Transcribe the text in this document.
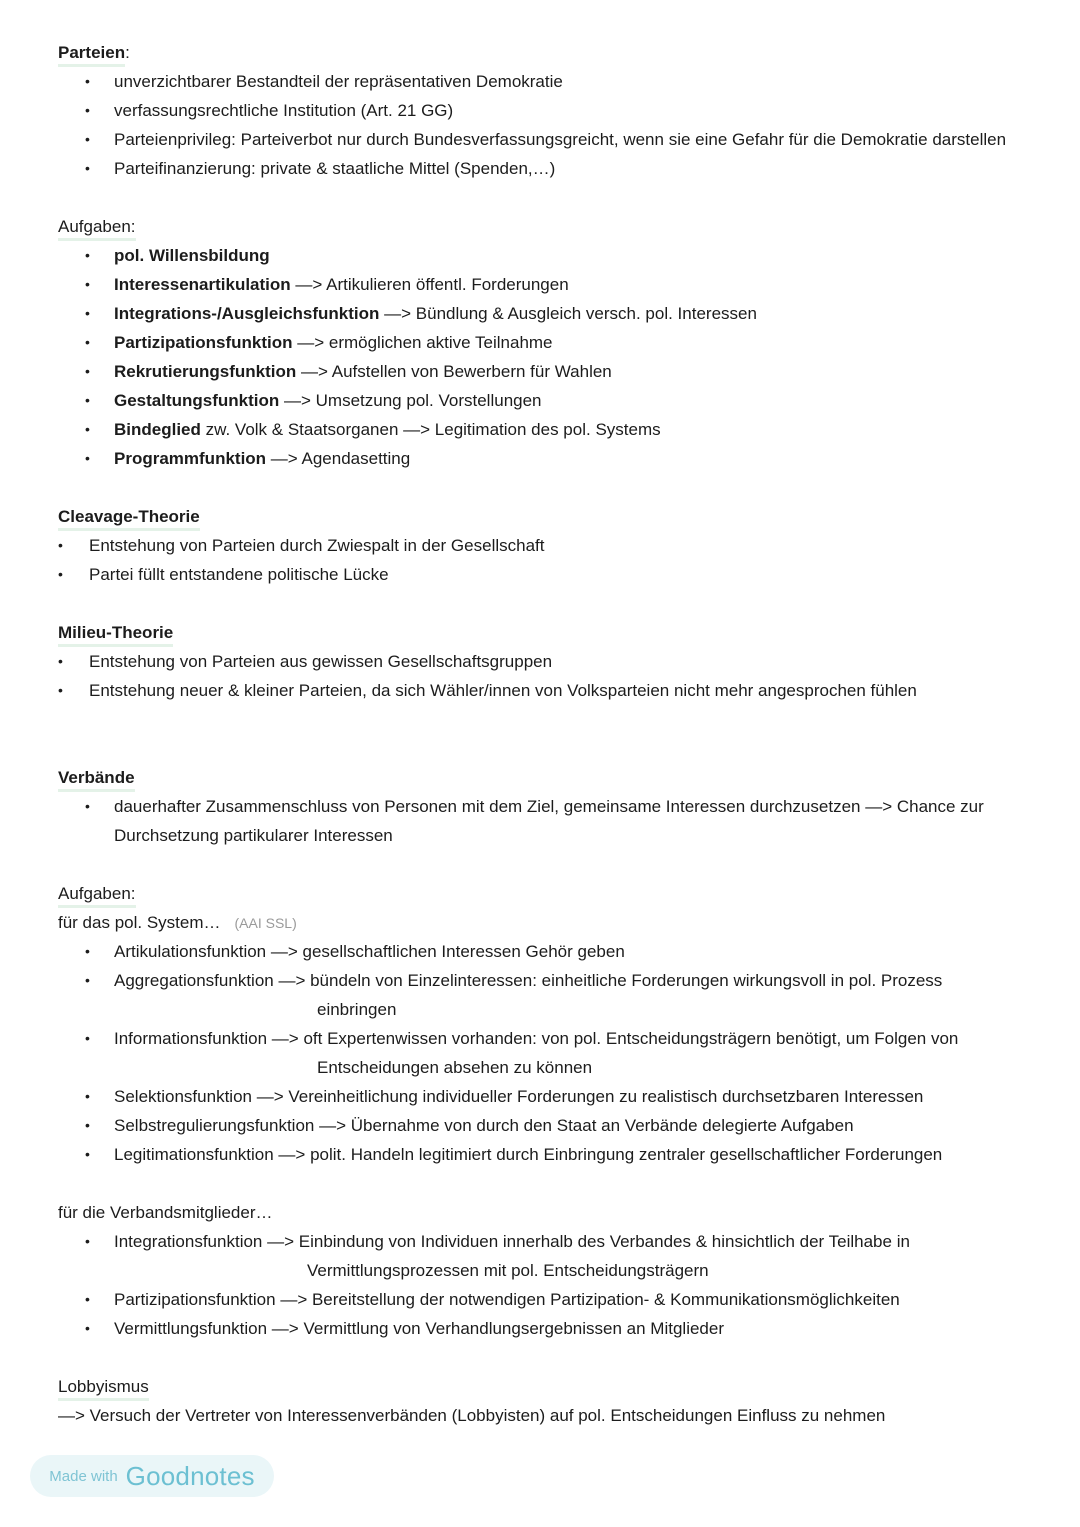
Parteien:
• unverzichtbarer Bestandteil der repräsentativen Demokratie
• verfassungsrechtliche Institution (Art. 21 GG)
• Parteienprivileg: Parteiverbot nur durch Bundesverfassungsgreicht, wenn sie eine Gefahr für die Demokratie darstellen
• Parteifinanzierung: private & staatliche Mittel (Spenden,…)
Aufgaben:
• pol. Willensbildung
• Interessenartikulation —> Artikulieren öffentl. Forderungen
• Integrations-/Ausgleichsfunktion —> Bündlung & Ausgleich versch. pol. Interessen
• Partizipationsfunktion —> ermöglichen aktive Teilnahme
• Rekrutierungsfunktion —> Aufstellen von Bewerbern für Wahlen
• Gestaltungsfunktion —> Umsetzung pol. Vorstellungen
• Bindeglied zw. Volk & Staatsorganen —> Legitimation des pol. Systems
• Programmfunktion —> Agendasetting
Cleavage-Theorie
• Entstehung von Parteien durch Zwiespalt in der Gesellschaft
• Partei füllt entstandene politische Lücke
Milieu-Theorie
• Entstehung von Parteien aus gewissen Gesellschaftsgruppen
• Entstehung neuer & kleiner Parteien, da sich Wähler/innen von Volksparteien nicht mehr angesprochen fühlen
Verbände
• dauerhafter Zusammenschluss von Personen mit dem Ziel, gemeinsame Interessen durchzusetzen —> Chance zur
Durchsetzung partikularer Interessen
Aufgaben:
für das pol. System… (AAI SSL)
• Artikulationsfunktion —> gesellschaftlichen Interessen Gehör geben
• Aggregationsfunktion —> bündeln von Einzelinteressen: einheitliche Forderungen wirkungsvoll in pol. Prozess
einbringen
• Informationsfunktion —> oft Expertenwissen vorhanden: von pol. Entscheidungsträgern benötigt, um Folgen von
Entscheidungen absehen zu können
• Selektionsfunktion —> Vereinheitlichung individueller Forderungen zu realistisch durchsetzbaren Interessen
• Selbstregulierungsfunktion —> Übernahme von durch den Staat an Verbände delegierte Aufgaben
• Legitimationsfunktion —> polit. Handeln legitimiert durch Einbringung zentraler gesellschaftlicher Forderungen
für die Verbandsmitglieder…
• Integrationsfunktion —> Einbindung von Individuen innerhalb des Verbandes & hinsichtlich der Teilhabe in
Vermittlungsprozessen mit pol. Entscheidungsträgern
• Partizipationsfunktion —> Bereitstellung der notwendigen Partizipation- & Kommunikationsmöglichkeiten
• Vermittlungsfunktion —> Vermittlung von Verhandlungsergebnissen an Mitglieder
Lobbyismus
—> Versuch der Vertreter von Interessenverbänden (Lobbyisten) auf pol. Entscheidungen Einfluss zu nehmen
Made with Goodnotes
